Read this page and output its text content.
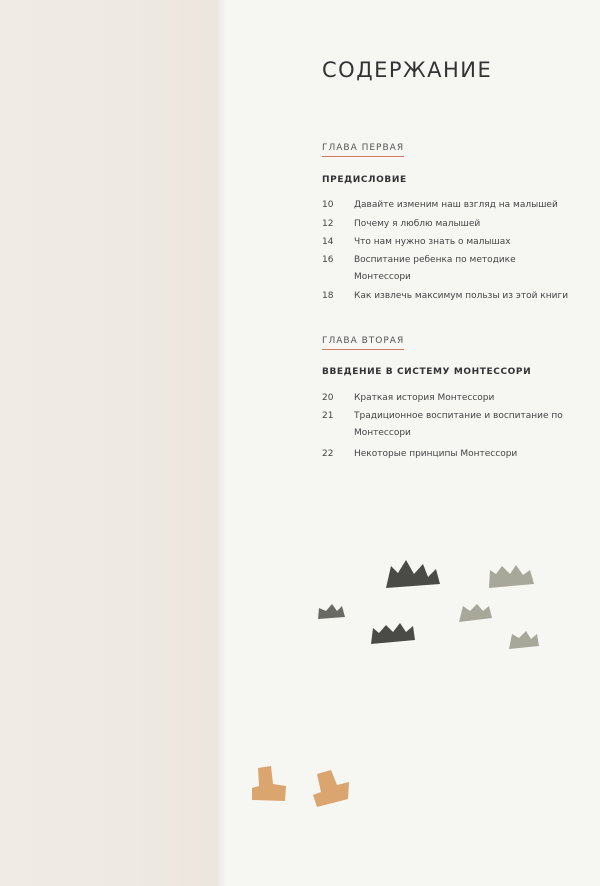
СОДЕРЖАНИЕ
ГЛАВА ПЕРВАЯ
ПРЕДИСЛОВИЕ
10	Давайте изменим наш взгляд на малышей
12	Почему я люблю малышей
14	Что нам нужно знать о малышах
16	Воспитание ребенка по методике
Монтессори
18	Как извлечь максимум пользы из этой книги
ГЛАВА ВТОРАЯ
ВВЕДЕНИЕ В СИСТЕМУ МОНТЕССОРИ
20	Краткая история Монтессори
21	Традиционное воспитание и воспитание по
Монтессори
22	Некоторые принципы Монтессори
